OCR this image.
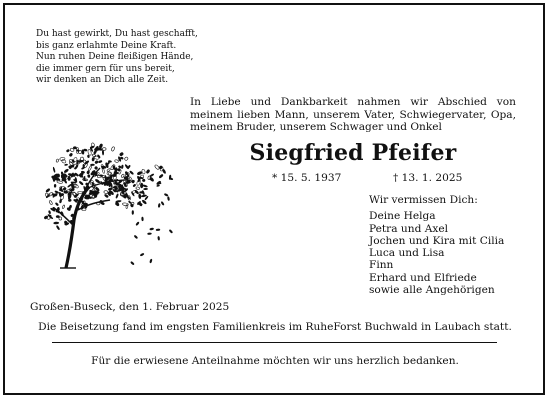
Du hast gewirkt, Du hast geschafft,
bis ganz erlahmte Deine Kraft.
Nun ruhen Deine fleißigen Hände,
die immer gern für uns bereit,
wir denken an Dich alle Zeit.
In Liebe und Dankbarkeit nahmen wir Abschied von meinem lieben Mann, unserem Vater, Schwiegervater, Opa, meinem Bruder, unserem Schwager und Onkel
Siegfried Pfeifer
* 15. 5. 1937	† 13. 1. 2025
Wir vermissen Dich:
Deine Helga
Petra und Axel
Jochen und Kira mit Cilia
Luca und Lisa
Finn
Erhard und Elfriede
sowie alle Angehörigen
Großen-Buseck, den 1. Februar 2025
Die Beisetzung fand im engsten Familienkreis im RuheForst Buchwald in Laubach statt.
Für die erwiesene Anteilnahme möchten wir uns herzlich bedanken.
